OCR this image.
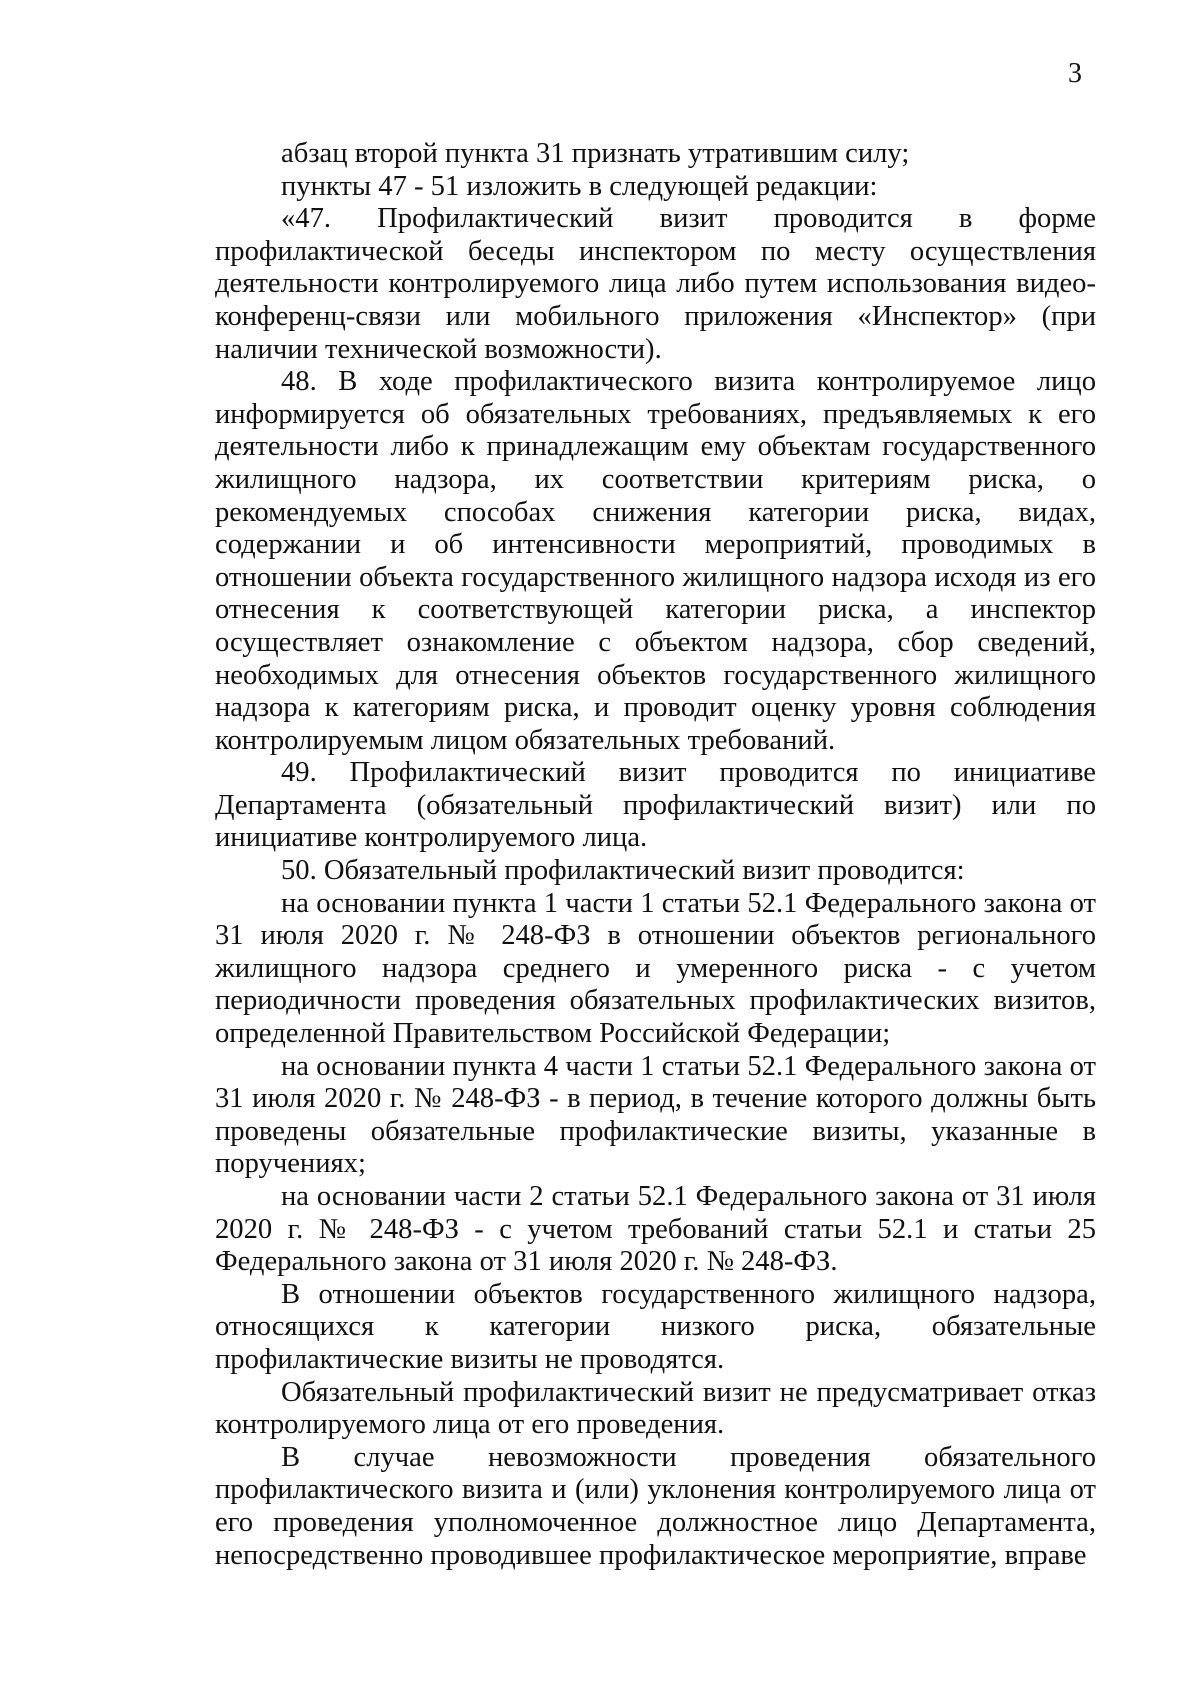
3

абзац второй пункта 31 признать утратившим силу;

пункты 47 - 51 изложить в следующей редакции:

«47. Профилактический визит проводится в форме профилактической беседы инспектором по месту осуществления деятельности контролируемого лица либо путем использования видео-конференц-связи или мобильного приложения «Инспектор» (при наличии технической возможности).

48. В ходе профилактического визита контролируемое лицо информируется об обязательных требованиях, предъявляемых к его деятельности либо к принадлежащим ему объектам государственного жилищного надзора, их соответствии критериям риска, о рекомендуемых способах снижения категории риска, видах, содержании и об интенсивности мероприятий, проводимых в отношении объекта государственного жилищного надзора исходя из его отнесения к соответствующей категории риска, а инспектор осуществляет ознакомление с объектом надзора, сбор сведений, необходимых для отнесения объектов государственного жилищного надзора к категориям риска, и проводит оценку уровня соблюдения контролируемым лицом обязательных требований.

49. Профилактический визит проводится по инициативе Департамента (обязательный профилактический визит) или по инициативе контролируемого лица.

50. Обязательный профилактический визит проводится:

на основании пункта 1 части 1 статьи 52.1 Федерального закона от 31 июля 2020 г. № 248-ФЗ в отношении объектов регионального жилищного надзора среднего и умеренного риска - с учетом периодичности проведения обязательных профилактических визитов, определенной Правительством Российской Федерации;

на основании пункта 4 части 1 статьи 52.1 Федерального закона от 31 июля 2020 г. № 248-ФЗ - в период, в течение которого должны быть проведены обязательные профилактические визиты, указанные в поручениях;

на основании части 2 статьи 52.1 Федерального закона от 31 июля 2020 г. № 248-ФЗ - с учетом требований статьи 52.1 и статьи 25 Федерального закона от 31 июля 2020 г. № 248-ФЗ.

В отношении объектов государственного жилищного надзора, относящихся к категории низкого риска, обязательные профилактические визиты не проводятся.

Обязательный профилактический визит не предусматривает отказ контролируемого лица от его проведения.

В случае невозможности проведения обязательного профилактического визита и (или) уклонения контролируемого лица от его проведения уполномоченное должностное лицо Департамента, непосредственно проводившее профилактическое мероприятие, вправе
